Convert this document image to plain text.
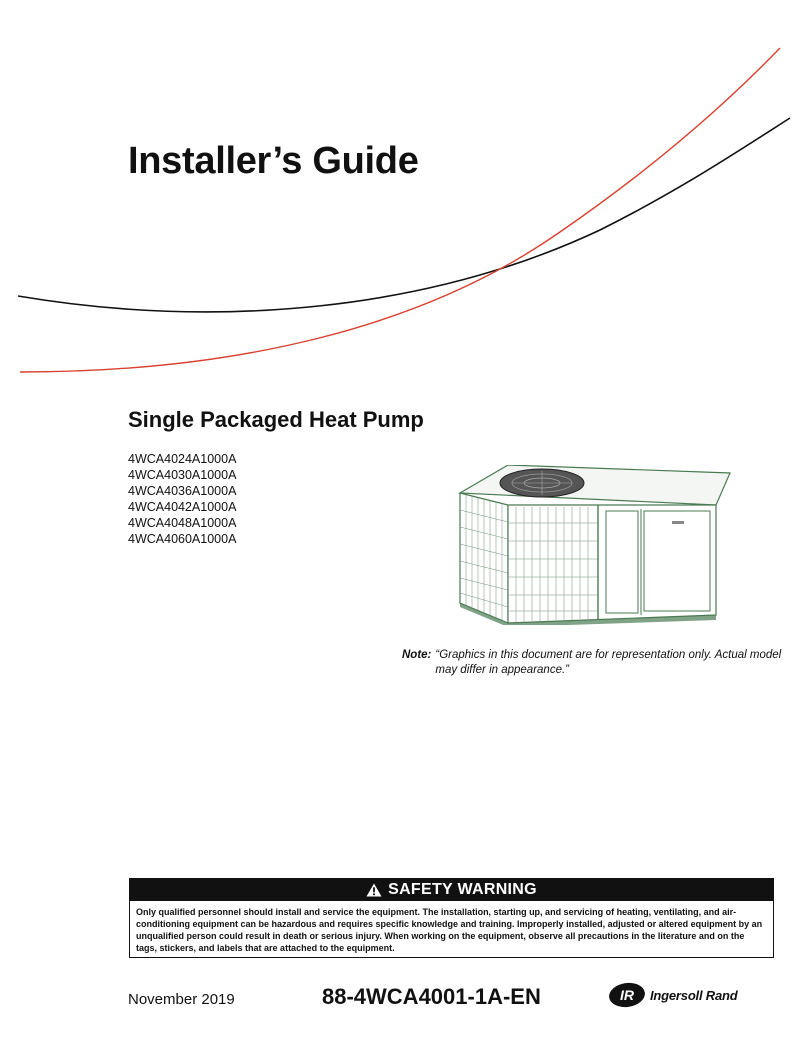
Installer’s Guide
Single Packaged Heat Pump
4WCA4024A1000A
4WCA4030A1000A
4WCA4036A1000A
4WCA4042A1000A
4WCA4048A1000A
4WCA4060A1000A
Note: “Graphics in this document are for representation only. Actual model may differ in appearance.”
SAFETY WARNING
Only qualified personnel should install and service the equipment. The installation, starting up, and servicing of heating, ventilating, and air-conditioning equipment can be hazardous and requires specific knowledge and training. Improperly installed, adjusted or altered equipment by an unqualified person could result in death or serious injury. When working on the equipment, observe all precautions in the literature and on the tags, stickers, and labels that are attached to the equipment.
November 2019	88-4WCA4001-1A-EN	IR Ingersoll Rand
